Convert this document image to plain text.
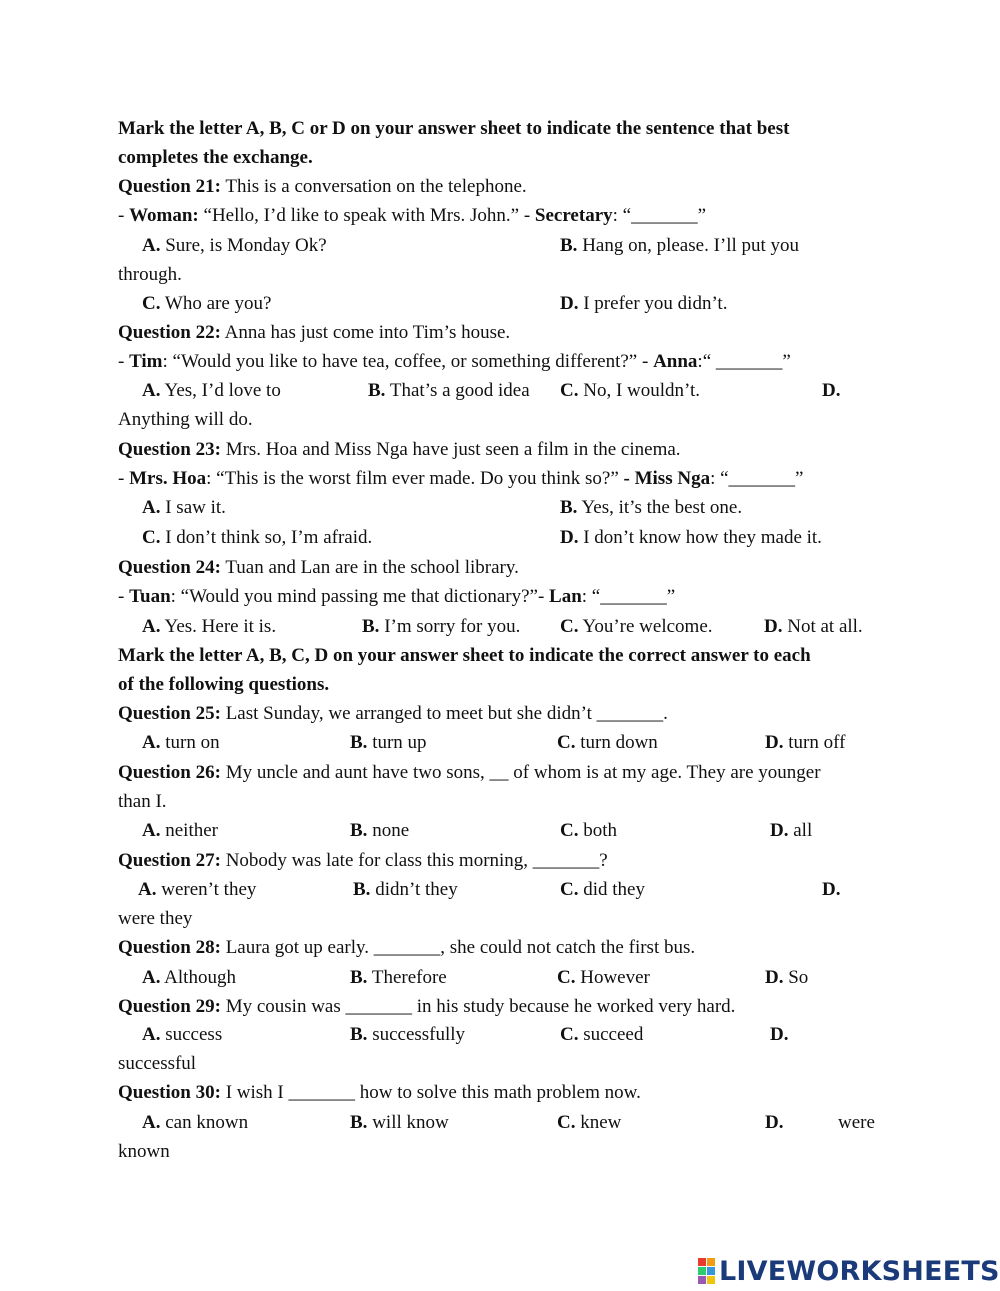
Mark the letter A, B, C or D on your answer sheet to indicate the sentence that best
completes the exchange.
Question 21: This is a conversation on the telephone.
- Woman: “Hello, I’d like to speak with Mrs. John.” - Secretary: “_______”
A. Sure, is Monday Ok?	B. Hang on, please. I’ll put you
through.
C. Who are you?	D. I prefer you didn’t.
Question 22: Anna has just come into Tim’s house.
- Tim: “Would you like to have tea, coffee, or something different?” - Anna:“ _______”
A. Yes, I’d love to	B. That’s a good idea C. No, I wouldn’t.	D.
Anything will do.
Question 23: Mrs. Hoa and Miss Nga have just seen a film in the cinema.
- Mrs. Hoa: “This is the worst film ever made. Do you think so?” - Miss Nga: “_______”
A. I saw it.	B. Yes, it’s the best one.
C. I don’t think so, I’m afraid.	D. I don’t know how they made it.
Question 24: Tuan and Lan are in the school library.
- Tuan: “Would you mind passing me that dictionary?”- Lan: “_______”
A. Yes. Here it is.	B. I’m sorry for you. C. You’re welcome.	D. Not at all.
Mark the letter A, B, C, D on your answer sheet to indicate the correct answer to each
of the following questions.
Question 25: Last Sunday, we arranged to meet but she didn’t _______.
A. turn on	B. turn up	C. turn down	D. turn off
Question 26: My uncle and aunt have two sons, __ of whom is at my age. They are younger
than I.
A. neither	B. none	C. both	D. all
Question 27: Nobody was late for class this morning, _______?
A. weren’t they	B. didn’t they	C. did they	D.
were they
Question 28: Laura got up early. _______, she could not catch the first bus.
A. Although	B. Therefore	C. However	D. So
Question 29: My cousin was _______ in his study because he worked very hard.
A. success	B. successfully	C. succeed	D.
successful
Question 30: I wish I _______ how to solve this math problem now.
A. can known	B. will know	C. knew	D.	were
known
LIVEWORKSHEETS
